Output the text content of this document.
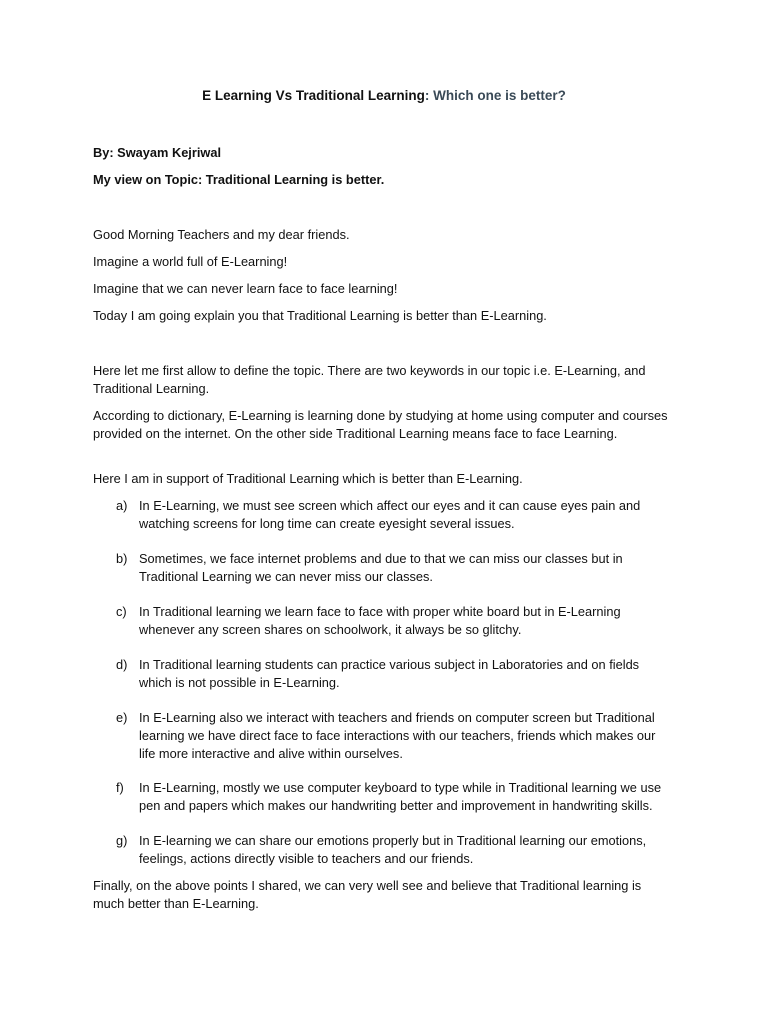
E Learning Vs Traditional Learning: Which one is better?
By: Swayam Kejriwal
My view on Topic: Traditional Learning is better.
Good Morning Teachers and my dear friends.
Imagine a world full of E-Learning!
Imagine that we can never learn face to face learning!
Today I am going explain you that Traditional Learning is better than E-Learning.
Here let me first allow to define the topic. There are two keywords in our topic i.e. E-Learning, and Traditional Learning.
According to dictionary, E-Learning is learning done by studying at home using computer and courses provided on the internet. On the other side Traditional Learning means face to face Learning.
Here I am in support of Traditional Learning which is better than E-Learning.
a) In E-Learning, we must see screen which affect our eyes and it can cause eyes pain and watching screens for long time can create eyesight several issues.
b) Sometimes, we face internet problems and due to that we can miss our classes but in Traditional Learning we can never miss our classes.
c) In Traditional learning we learn face to face with proper white board but in E-Learning whenever any screen shares on schoolwork, it always be so glitchy.
d) In Traditional learning students can practice various subject in Laboratories and on fields which is not possible in E-Learning.
e) In E-Learning also we interact with teachers and friends on computer screen but Traditional learning we have direct face to face interactions with our teachers, friends which makes our life more interactive and alive within ourselves.
f)	In E-Learning, mostly we use computer keyboard to type while in Traditional learning we use pen and papers which makes our handwriting better and improvement in handwriting skills.
g) In E-learning we can share our emotions properly but in Traditional learning our emotions, feelings, actions directly visible to teachers and our friends.
Finally, on the above points I shared, we can very well see and believe that Traditional learning is much better than E-Learning.
